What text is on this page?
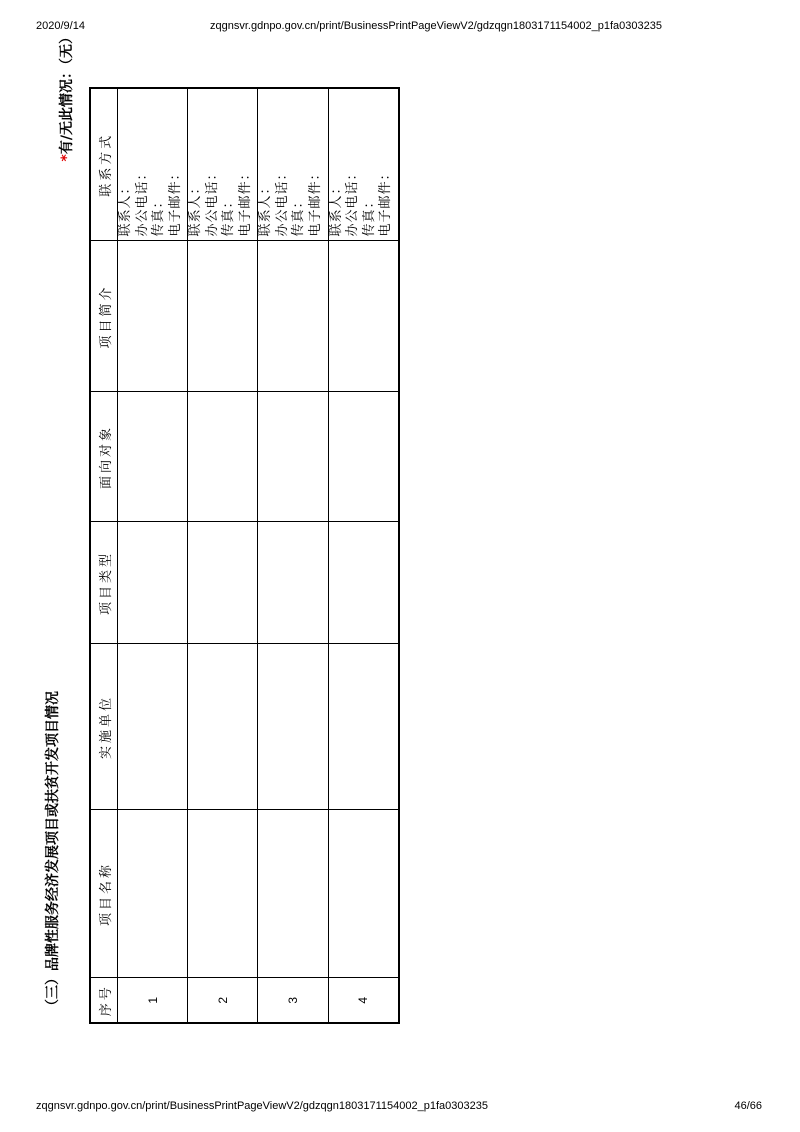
2020/9/14	zqgnsvr.gdnpo.gov.cn/print/BusinessPrintPageViewV2/gdzqgn1803171154002_p1fa0303235
（三）品牌性服务经济发展项目或扶贫开发项目情况
*有/无此情况：（无）
序号	项目名称	实施单位	项目类型	面向对象	项目简介	联系方式
1						联系人： 办公电话： 传真： 电子邮件：

2						联系人： 办公电话： 传真： 电子邮件：

3						联系人： 办公电话： 传真： 电子邮件：

4						联系人： 办公电话： 传真： 电子邮件：
zqgnsvr.gdnpo.gov.cn/print/BusinessPrintPageViewV2/gdzqgn1803171154002_p1fa0303235	46/66
